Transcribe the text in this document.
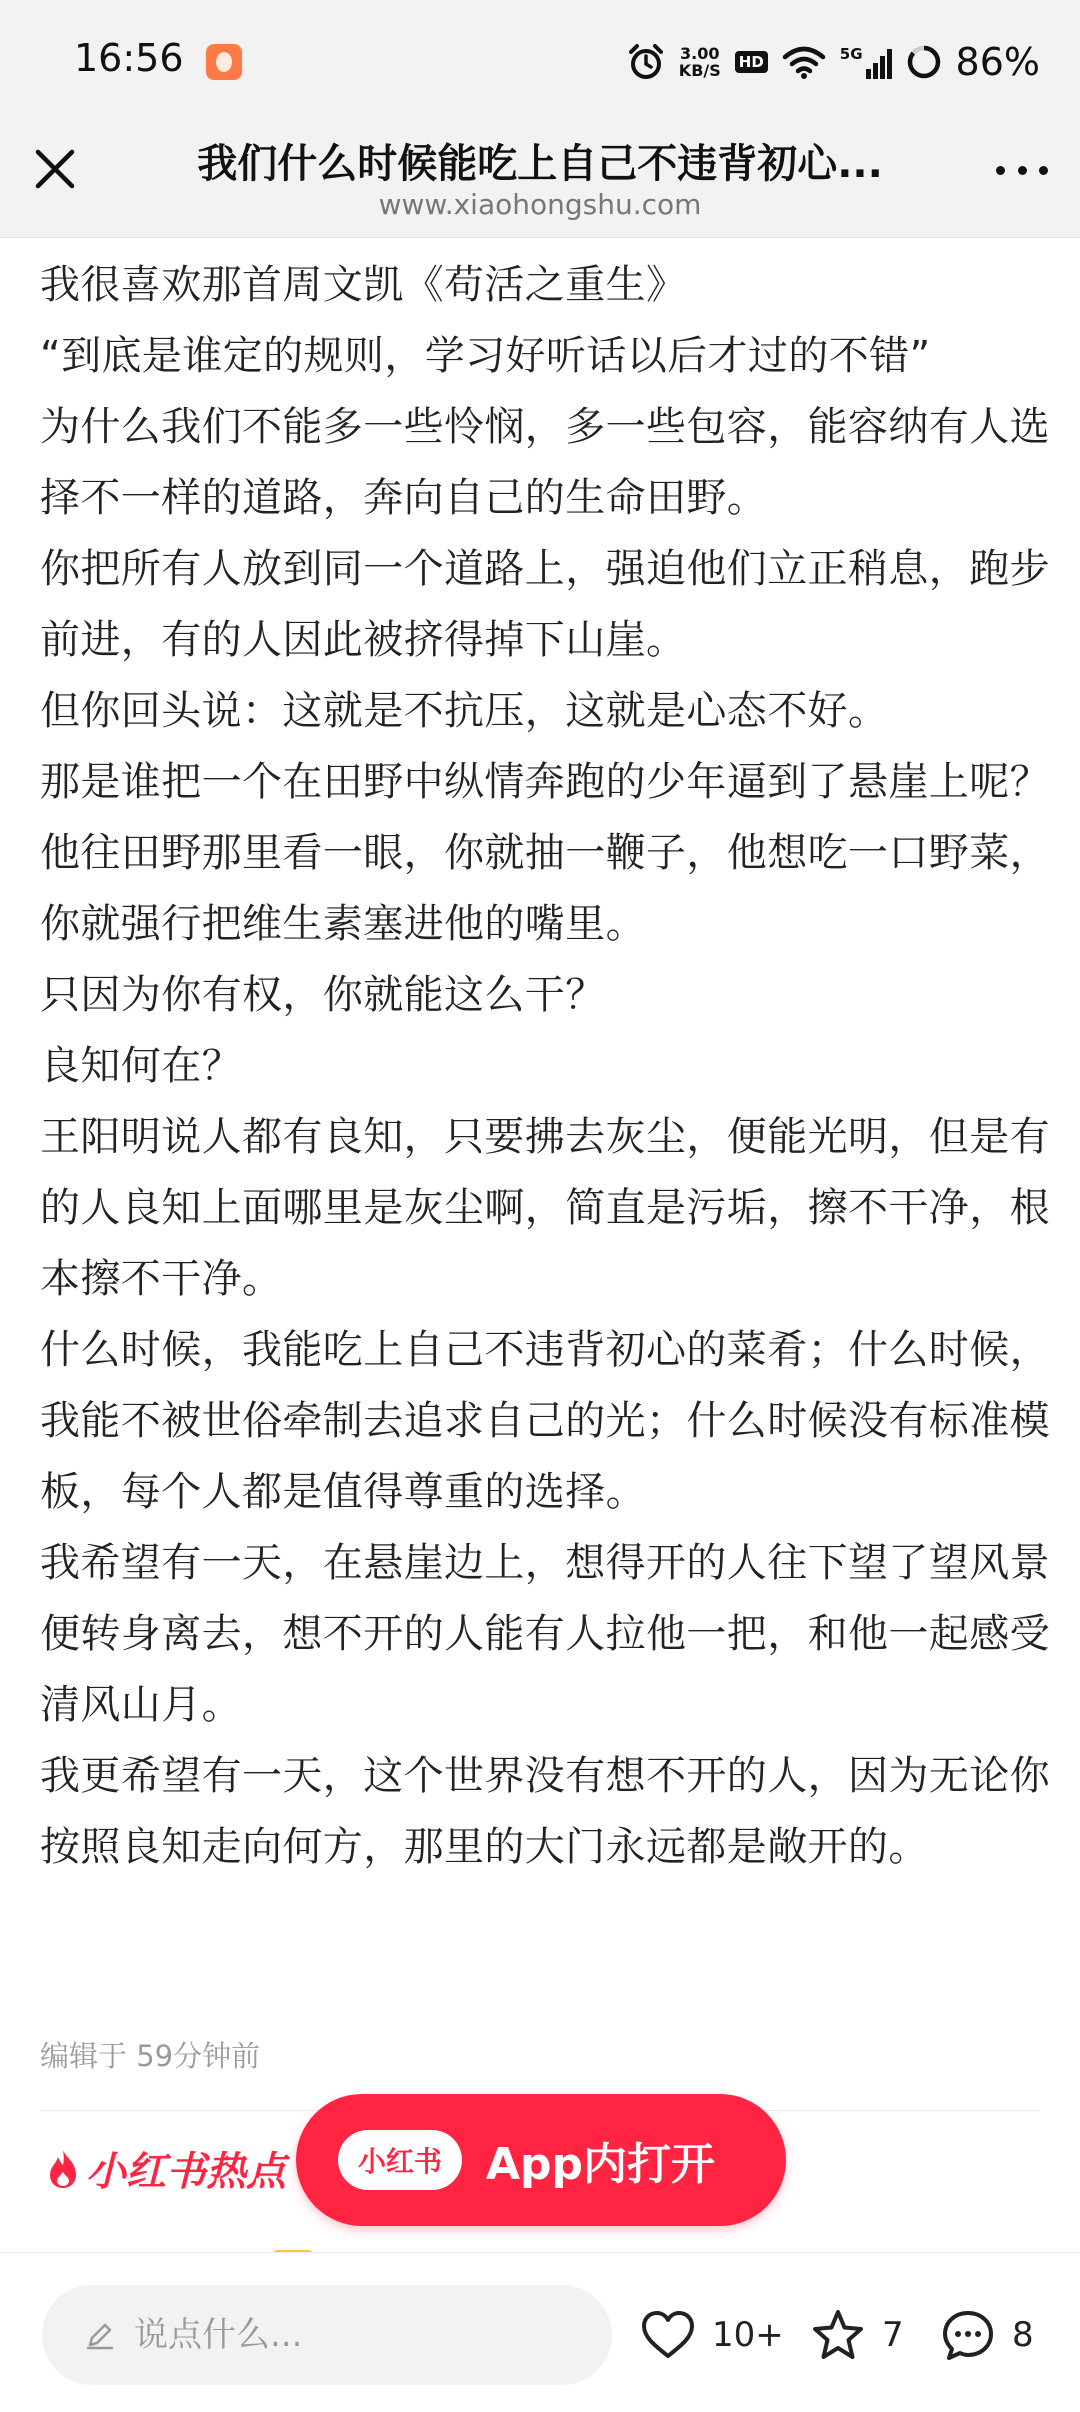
16:56	3.00
KB/S HD	5G 86%
我们什么时候能吃上自己不违背初心...
www.xiaohongshu.com

我很喜欢那首周文凯《苟活之重生》

“到底是谁定的规则，学习好听话以后才过的不错”

为什么我们不能多一些怜悯，多一些包容，能容纳有人选择不一样的道路，奔向自己的生命田野。

你把所有人放到同一个道路上，强迫他们立正稍息，跑步前进，有的人因此被挤得掉下山崖。

但你回头说：这就是不抗压，这就是心态不好。

那是谁把一个在田野中纵情奔跑的少年逼到了悬崖上呢？

他往田野那里看一眼，你就抽一鞭子，他想吃一口野菜，你就强行把维生素塞进他的嘴里。

只因为你有权，你就能这么干？

良知何在？

王阳明说人都有良知，只要拂去灰尘，便能光明，但是有的人良知上面哪里是灰尘啊，简直是污垢，擦不干净，根本擦不干净。

什么时候，我能吃上自己不违背初心的菜肴；什么时候，我能不被世俗牵制去追求自己的光；什么时候没有标准模板，每个人都是值得尊重的选择。

我希望有一天，在悬崖边上，想得开的人往下望了望风景便转身离去，想不开的人能有人拉他一把，和他一起感受清风山月。

我更希望有一天，这个世界没有想不开的人，因为无论你按照良知走向何方，那里的大门永远都是敞开的。

编辑于 59分钟前
小红书热点	小红书	App内打开
说点什么...
10+	7	8
